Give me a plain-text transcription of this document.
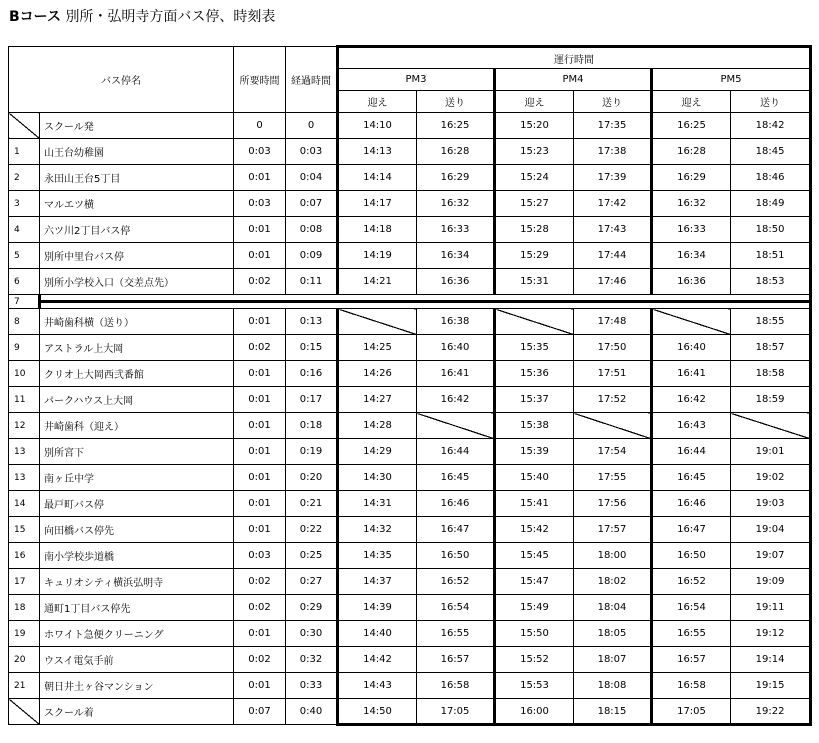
Bコース 別所・弘明寺方面バス停、時刻表
バス停名		所要時間	経過時間	運行時間					
				PM3		PM4		PM5	
				迎え	送り	迎え	送り	迎え	送り
	スクール発	0	0	14:10	16:25	15:20	17:35	16:25	18:42
1	山王台幼稚園	0:03	0:03	14:13	16:28	15:23	17:38	16:28	18:45
2	永田山王台5丁目	0:01	0:04	14:14	16:29	15:24	17:39	16:29	18:46
3	マルエツ横	0:03	0:07	14:17	16:32	15:27	17:42	16:32	18:49
4	六ツ川2丁目バス停	0:01	0:08	14:18	16:33	15:28	17:43	16:33	18:50
5	別所中里台バス停	0:01	0:09	14:19	16:34	15:29	17:44	16:34	18:51
6	別所小学校入口（交差点先）	0:02	0:11	14:21	16:36	15:31	17:46	16:36	18:53
7									

8	井崎歯科横（送り）	0:01	0:13		16:38		17:48		18:55
9	アストラル上大岡	0:02	0:15	14:25	16:40	15:35	17:50	16:40	18:57
10	クリオ上大岡西弐番館	0:01	0:16	14:26	16:41	15:36	17:51	16:41	18:58
11	パークハウス上大岡	0:01	0:17	14:27	16:42	15:37	17:52	16:42	18:59
12	井崎歯科（迎え）	0:01	0:18	14:28		15:38		16:43	
13	別所宮下	0:01	0:19	14:29	16:44	15:39	17:54	16:44	19:01
13	南ヶ丘中学	0:01	0:20	14:30	16:45	15:40	17:55	16:45	19:02
14	最戸町バス停	0:01	0:21	14:31	16:46	15:41	17:56	16:46	19:03
15	向田橋バス停先	0:01	0:22	14:32	16:47	15:42	17:57	16:47	19:04
16	南小学校歩道橋	0:03	0:25	14:35	16:50	15:45	18:00	16:50	19:07
17	キュリオシティ横浜弘明寺	0:02	0:27	14:37	16:52	15:47	18:02	16:52	19:09
18	通町1丁目バス停先	0:02	0:29	14:39	16:54	15:49	18:04	16:54	19:11
19	ホワイト急便クリーニング	0:01	0:30	14:40	16:55	15:50	18:05	16:55	19:12
20	ウスイ電気手前	0:02	0:32	14:42	16:57	15:52	18:07	16:57	19:14
21	朝日井土ヶ谷マンション	0:01	0:33	14:43	16:58	15:53	18:08	16:58	19:15
	スクール着	0:07	0:40	14:50	17:05	16:00	18:15	17:05	19:22
